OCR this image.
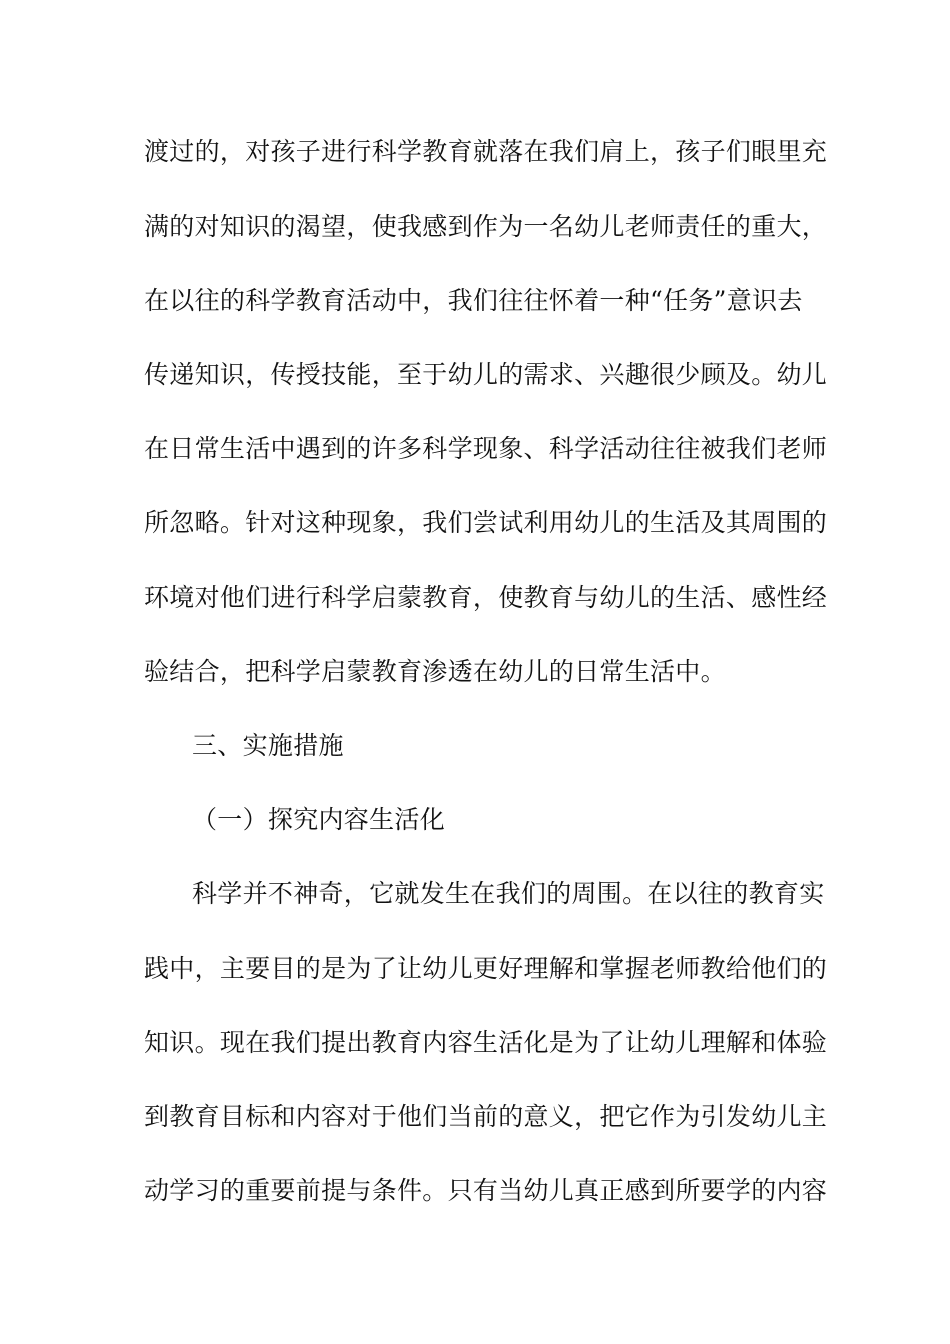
渡过的，对孩子进行科学教育就落在我们肩上，孩子们眼里充
满的对知识的渴望，使我感到作为一名幼儿老师责任的重大，
在以往的科学教育活动中，我们往往怀着一种“任务”意识去
传递知识，传授技能，至于幼儿的需求、兴趣很少顾及。幼儿
在日常生活中遇到的许多科学现象、科学活动往往被我们老师
所忽略。针对这种现象，我们尝试利用幼儿的生活及其周围的
环境对他们进行科学启蒙教育，使教育与幼儿的生活、感性经
验结合，把科学启蒙教育渗透在幼儿的日常生活中。
三、实施措施
（一）探究内容生活化
科学并不神奇，它就发生在我们的周围。在以往的教育实
践中，主要目的是为了让幼儿更好理解和掌握老师教给他们的
知识。现在我们提出教育内容生活化是为了让幼儿理解和体验
到教育目标和内容对于他们当前的意义，把它作为引发幼儿主
动学习的重要前提与条件。只有当幼儿真正感到所要学的内容
